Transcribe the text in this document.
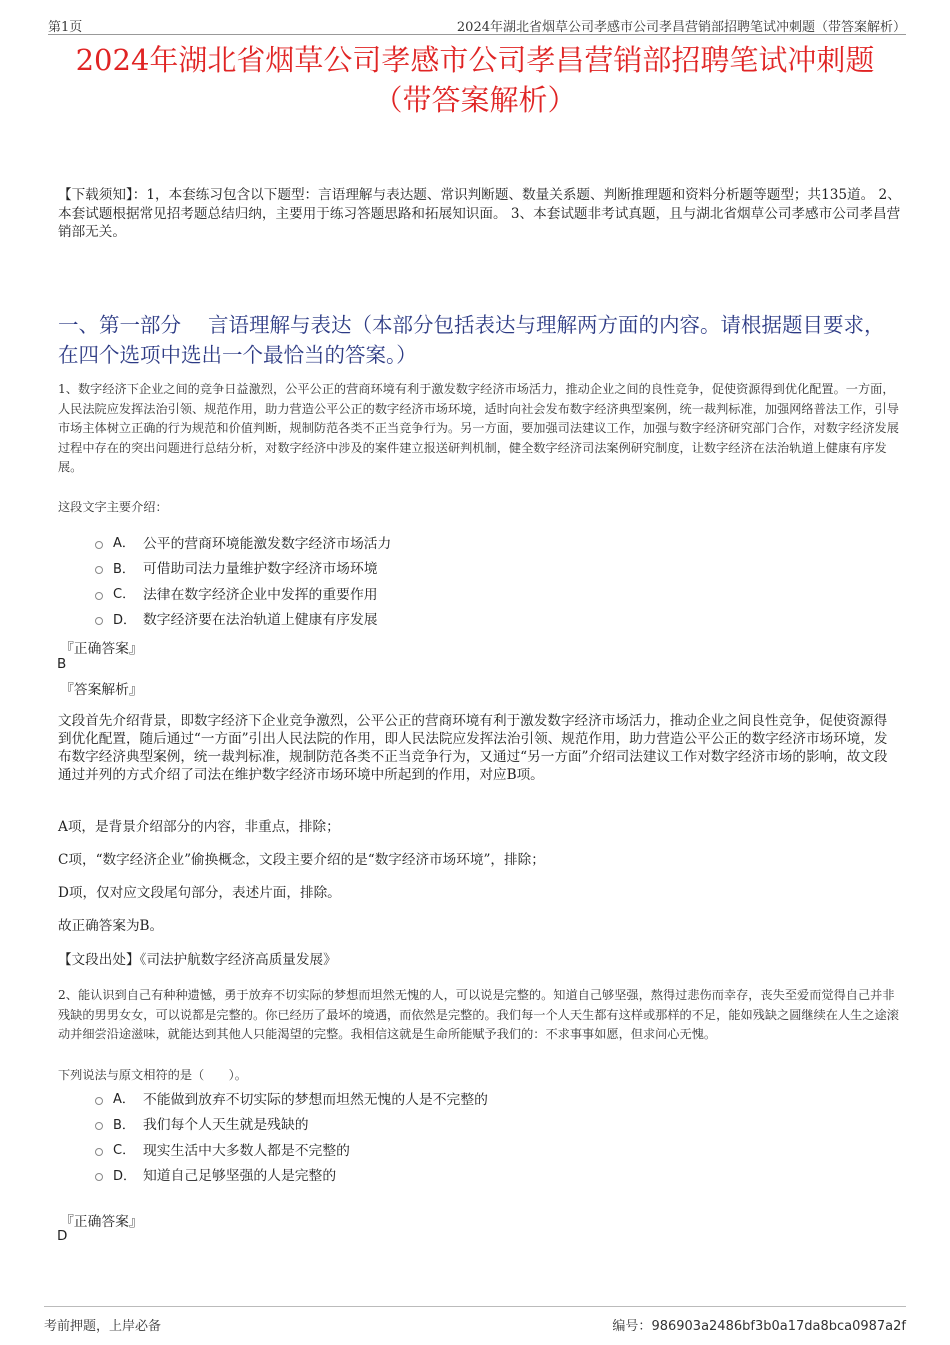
第1页	2024年湖北省烟草公司孝感市公司孝昌营销部招聘笔试冲刺题（带答案解析）
2024年湖北省烟草公司孝感市公司孝昌营销部招聘笔试冲刺题
（带答案解析）

【下载须知】：1，本套练习包含以下题型：言语理解与表达题、常识判断题、数量关系题、判断推理题和资料分析题等题型；共135道。 2、本套试题根据常见招考题总结归纳，主要用于练习答题思路和拓展知识面。 3、本套试题非考试真题，且与湖北省烟草公司孝感市公司孝昌营销部无关。

一、第一部分　 言语理解与表达（本部分包括表达与理解两方面的内容。请根据题目要求，在四个选项中选出一个最恰当的答案。）

1、数字经济下企业之间的竞争日益激烈，公平公正的营商环境有利于激发数字经济市场活力，推动企业之间的良性竞争，促使资源得到优化配置。一方面，人民法院应发挥法治引领、规范作用，助力营造公平公正的数字经济市场环境，适时向社会发布数字经济典型案例，统一裁判标准，加强网络普法工作，引导市场主体树立正确的行为规范和价值判断，规制防范各类不正当竞争行为。另一方面，要加强司法建议工作，加强与数字经济研究部门合作，对数字经济发展过程中存在的突出问题进行总结分析，对数字经济中涉及的案件建立报送研判机制，健全数字经济司法案例研究制度，让数字经济在法治轨道上健康有序发展。

这段文字主要介绍：

A． 公平的营商环境能激发数字经济市场活力
B． 可借助司法力量维护数字经济市场环境
C． 法律在数字经济企业中发挥的重要作用
D． 数字经济要在法治轨道上健康有序发展

『正确答案』

B

『答案解析』

文段首先介绍背景，即数字经济下企业竞争激烈，公平公正的营商环境有利于激发数字经济市场活力，推动企业之间良性竞争，促使资源得到优化配置，随后通过“一方面”引出人民法院的作用，即人民法院应发挥法治引领、规范作用，助力营造公平公正的数字经济市场环境，发布数字经济典型案例，统一裁判标准，规制防范各类不正当竞争行为，又通过“另一方面”介绍司法建议工作对数字经济市场的影响，故文段通过并列的方式介绍了司法在维护数字经济市场环境中所起到的作用，对应B项。

A项，是背景介绍部分的内容，非重点，排除；

C项，“数字经济企业”偷换概念，文段主要介绍的是“数字经济市场环境”，排除；

D项，仅对应文段尾句部分，表述片面，排除。

故正确答案为B。

【文段出处】《司法护航数字经济高质量发展》

2、能认识到自己有种种遗憾，勇于放弃不切实际的梦想而坦然无愧的人，可以说是完整的。知道自己够坚强，熬得过悲伤而幸存，丧失至爱而觉得自己并非残缺的男男女女，可以说都是完整的。你已经历了最坏的境遇，而依然是完整的。我们每一个人天生都有这样或那样的不足，能如残缺之圆继续在人生之途滚动并细尝沿途滋味，就能达到其他人只能渴望的完整。我相信这就是生命所能赋予我们的：不求事事如愿，但求问心无愧。

下列说法与原文相符的是（　　）。

A． 不能做到放弃不切实际的梦想而坦然无愧的人是不完整的
B． 我们每个人天生就是残缺的
C． 现实生活中大多数人都是不完整的
D． 知道自己足够坚强的人是完整的

『正确答案』

D

考前押题，上岸必备	编号：986903a2486bf3b0a17da8bca0987a2f
